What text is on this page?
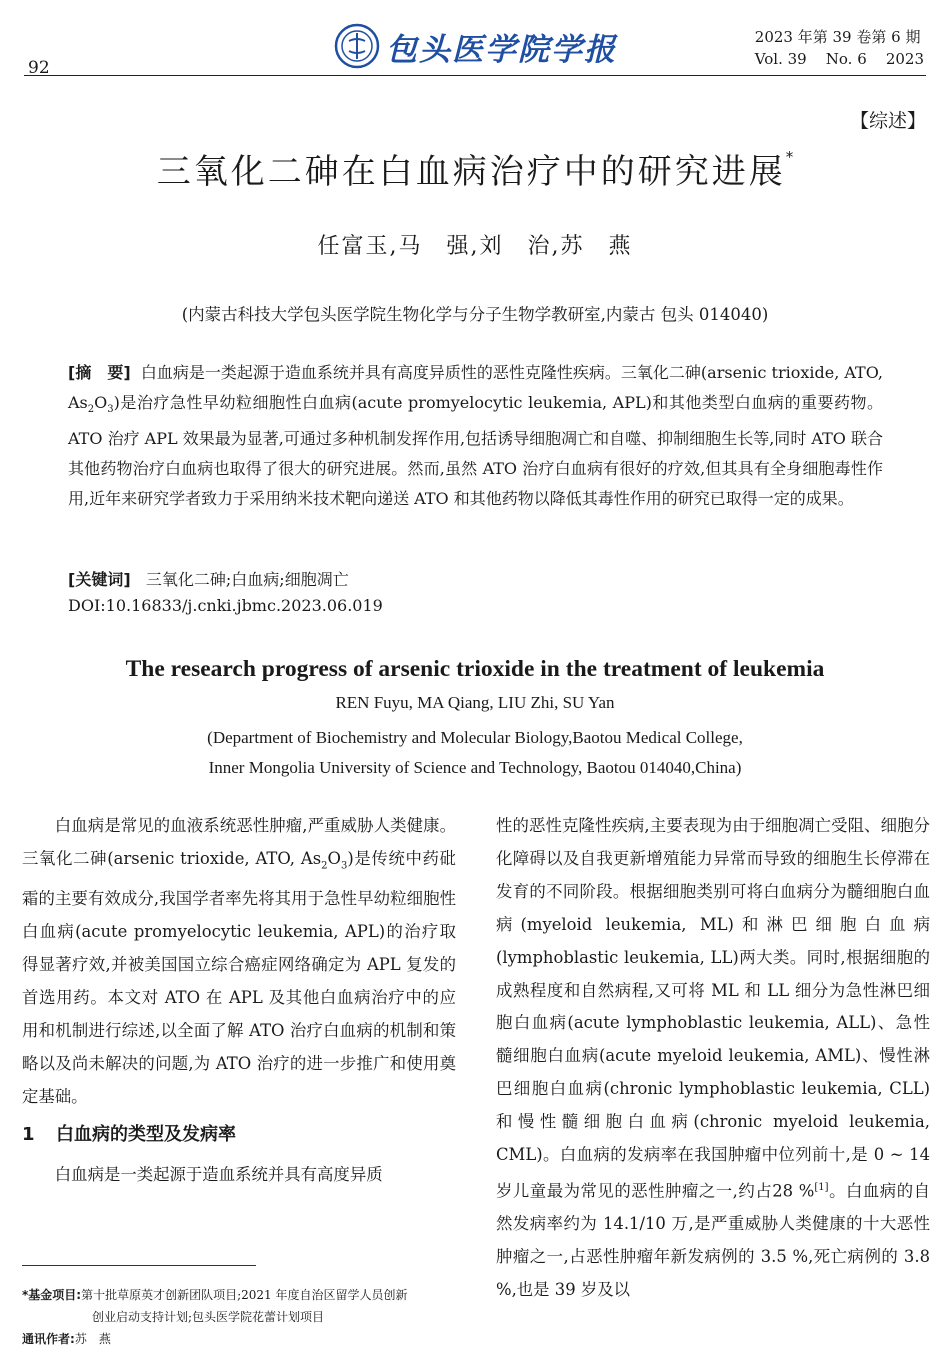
92
包头医学院学报	2023 年第 39 卷第 6 期
Vol. 39    No. 6    2023
【综述】
三氧化二砷在白血病治疗中的研究进展*
任富玉,马　强,刘　治,苏　燕
(内蒙古科技大学包头医学院生物化学与分子生物学教研室,内蒙古 包头 014040)
[摘　要] 白血病是一类起源于造血系统并具有高度异质性的恶性克隆性疾病。三氧化二砷(arsenic trioxide, ATO, $As_2O_3$)是治疗急性早幼粒细胞性白血病(acute promyelocytic leukemia, APL)和其他类型白血病的重要药物。ATO 治疗 APL 效果最为显著,可通过多种机制发挥作用,包括诱导细胞凋亡和自噬、抑制细胞生长等,同时 ATO 联合其他药物治疗白血病也取得了很大的研究进展。然而,虽然 ATO 治疗白血病有很好的疗效,但其具有全身细胞毒性作用,近年来研究学者致力于采用纳米技术靶向递送 ATO 和其他药物以降低其毒性作用的研究已取得一定的成果。
[关键词] 三氧化二砷;白血病;细胞凋亡
DOI:10.16833/j.cnki.jbmc.2023.06.019
The research progress of arsenic trioxide in the treatment of leukemia
REN Fuyu, MA Qiang, LIU Zhi, SU Yan
(Department of Biochemistry and Molecular Biology,Baotou Medical College,
Inner Mongolia University of Science and Technology, Baotou 014040,China)

白血病是常见的血液系统恶性肿瘤,严重威胁人类健康。三氧化二砷(arsenic trioxide, ATO, $As_2O_3$)是传统中药砒霜的主要有效成分,我国学者率先将其用于急性早幼粒细胞性白血病(acute promyelocytic leukemia, APL)的治疗取得显著疗效,并被美国国立综合癌症网络确定为 APL 复发的首选用药。本文对 ATO 在 APL 及其他白血病治疗中的应用和机制进行综述,以全面了解 ATO 治疗白血病的机制和策略以及尚未解决的问题,为 ATO 治疗的进一步推广和使用奠定基础。

1 白血病的类型及发病率

白血病是一类起源于造血系统并具有高度异质

性的恶性克隆性疾病,主要表现为由于细胞凋亡受阻、细胞分化障碍以及自我更新增殖能力异常而导致的细胞生长停滞在发育的不同阶段。根据细胞类别可将白血病分为髓细胞白血病(myeloid leukemia, ML)和淋巴细胞白血病(lymphoblastic leukemia, LL)两大类。同时,根据细胞的成熟程度和自然病程,又可将 ML 和 LL 细分为急性淋巴细胞白血病(acute lymphoblastic leukemia, ALL)、急性髓细胞白血病(acute myeloid leukemia, AML)、慢性淋巴细胞白血病(chronic lymphoblastic leukemia, CLL)和慢性髓细胞白血病(chronic myeloid leukemia, CML)。白血病的发病率在我国肿瘤中位列前十,是 0 ~ 14 岁儿童最为常见的恶性肿瘤之一,约占28 %[1]。白血病的自然发病率约为 14.1/10 万,是严重威胁人类健康的十大恶性肿瘤之一,占恶性肿瘤年新发病例的 3.5 %,死亡病例的 3.8 %,也是 39 岁及以

*基金项目:第十批草原英才创新团队项目;2021 年度自治区留学人员创新
创业启动支持计划;包头医学院花蕾计划项目
通讯作者:苏　燕
